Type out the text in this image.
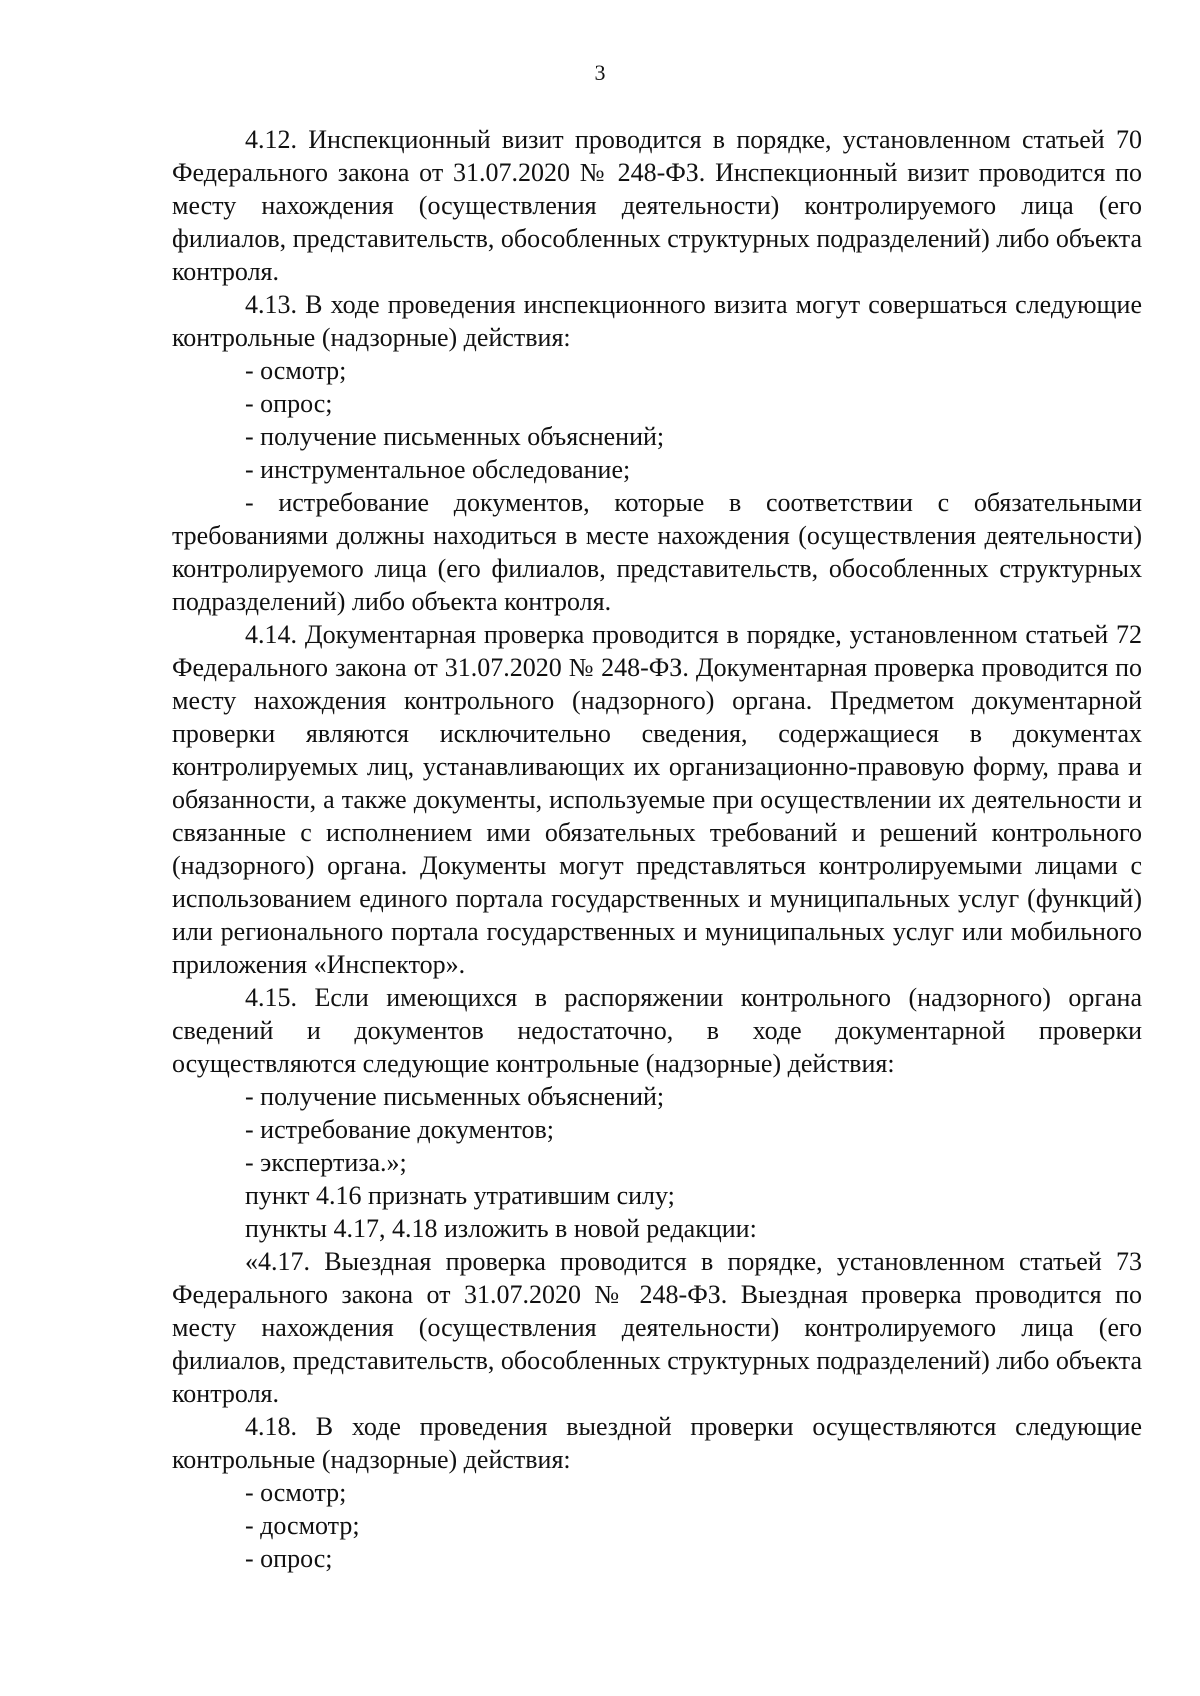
3

4.12. Инспекционный визит проводится в порядке, установленном статьей 70 Федерального закона от 31.07.2020 № 248-ФЗ. Инспекционный визит проводится по месту нахождения (осуществления деятельности) контролируемого лица (его филиалов, представительств, обособленных структурных подразделений) либо объекта контроля.

4.13. В ходе проведения инспекционного визита могут совершаться следующие контрольные (надзорные) действия:

- осмотр;

- опрос;

- получение письменных объяснений;

- инструментальное обследование;

- истребование документов, которые в соответствии с обязательными требованиями должны находиться в месте нахождения (осуществления деятельности) контролируемого лица (его филиалов, представительств, обособленных структурных подразделений) либо объекта контроля.

4.14. Документарная проверка проводится в порядке, установленном статьей 72 Федерального закона от 31.07.2020 № 248-ФЗ. Документарная проверка проводится по месту нахождения контрольного (надзорного) органа. Предметом документарной проверки являются исключительно сведения, содержащиеся в документах контролируемых лиц, устанавливающих их организационно-правовую форму, права и обязанности, а также документы, используемые при осуществлении их деятельности и связанные с исполнением ими обязательных требований и решений контрольного (надзорного) органа. Документы могут представляться контролируемыми лицами с использованием единого портала государственных и муниципальных услуг (функций) или регионального портала государственных и муниципальных услуг или мобильного приложения «Инспектор».

4.15. Если имеющихся в распоряжении контрольного (надзорного) органа сведений и документов недостаточно, в ходе документарной проверки осуществляются следующие контрольные (надзорные) действия:

- получение письменных объяснений;

- истребование документов;

- экспертиза.»;

пункт 4.16 признать утратившим силу;

пункты 4.17, 4.18 изложить в новой редакции:

«4.17. Выездная проверка проводится в порядке, установленном статьей 73 Федерального закона от 31.07.2020 № 248-ФЗ. Выездная проверка проводится по месту нахождения (осуществления деятельности) контролируемого лица (его филиалов, представительств, обособленных структурных подразделений) либо объекта контроля.

4.18. В ходе проведения выездной проверки осуществляются следующие контрольные (надзорные) действия:

- осмотр;

- досмотр;

- опрос;
